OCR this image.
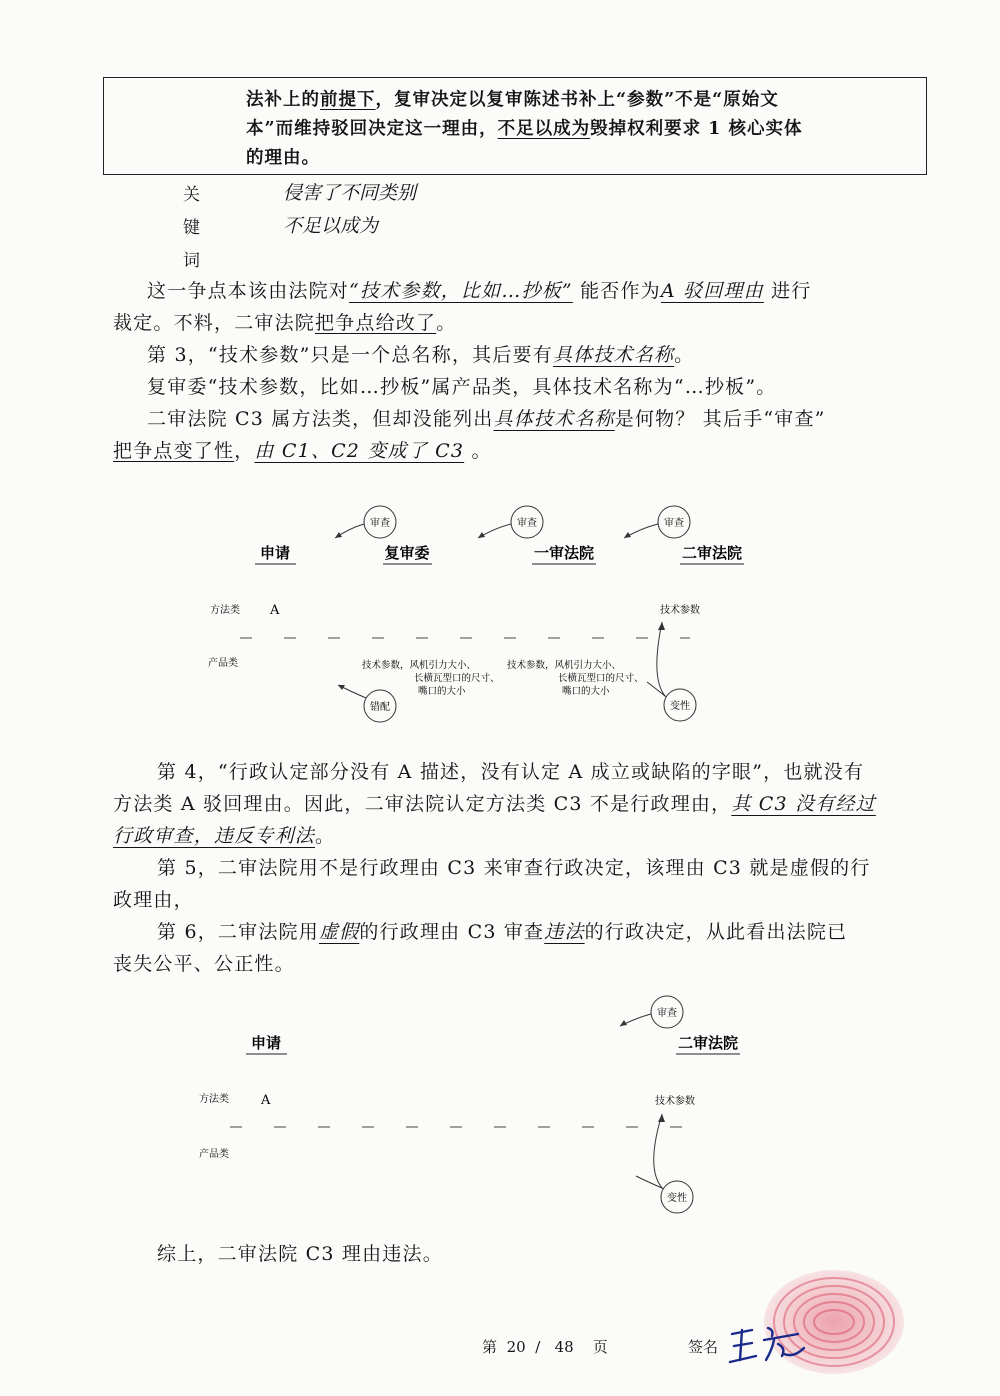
法补上的前提下，复审决定以复审陈述书补上“参数”不是“原始文
本”而维持驳回决定这一理由，不足以成为毁掉权利要求 1 核心实体
的理由。
关
键
词
侵害了不同类别
不足以成为
这一争点本该由法院对“技术参数，比如…抄板” 能否作为A 驳回理由 进行
裁定。不料，二审法院把争点给改了。
第 3，“技术参数”只是一个总名称，其后要有具体技术名称。
复审委“技术参数，比如…抄板”属产品类，具体技术名称为“…抄板”。
二审法院 C3 属方法类，但却没能列出具体技术名称是何物？ 其后手“审查”
把争点变了性，由 C1、C2 变成了 C3 。
审查	审查	审查
申请	复审委	一审法院	二审法院
方法类 A	技术参数
产品类	技术参数，风机引力大小、
长横瓦型口的尺寸、
嘴口的大小
技术参数，风机引力大小、
长横瓦型口的尺寸、
嘴口的大小
错配	变性
第 4，“行政认定部分没有 A 描述，没有认定 A 成立或缺陷的字眼”，也就没有
方法类 A 驳回理由。因此，二审法院认定方法类 C3 不是行政理由，其 C3 没有经过
行政审查，违反专利法。
第 5，二审法院用不是行政理由 C3 来审查行政决定，该理由 C3 就是虚假的行
政理由，
第 6，二审法院用虚假的行政理由 C3 审查违法的行政决定，从此看出法院已
丧失公平、公正性。
审查
申请	二审法院
方法类 A	技术参数
产品类
变性
综上，二审法院 C3 理由违法。
第 20 / 48 页	签名
